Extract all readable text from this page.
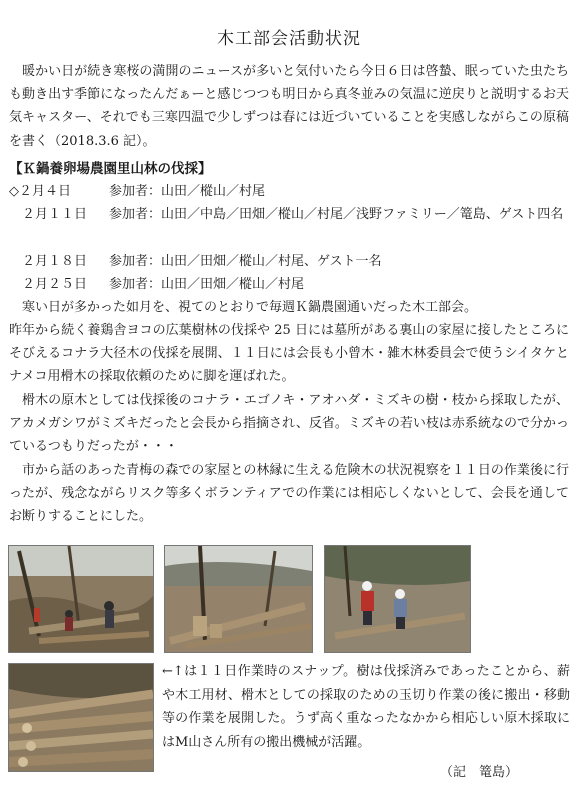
木工部会活動状況

　暖かい日が続き寒桜の満開のニュースが多いと気付いたら今日６日は啓蟄、眠っていた虫たちも動き出す季節になったんだぁーと感じつつも明日から真冬並みの気温に逆戻りと説明するお天気キャスター、それでも三寒四温で少しずつは春には近づいていることを実感しながらこの原稿を書く（2018.3.6 記）。

【Ｋ鍋養卵場農園里山林の伐採】
◇２月４日	参加者：山田／樅山／村尾
　２月１１日	参加者：山田／中島／田畑／樅山／村尾／浅野ファミリー／篭島、ゲスト四名
　２月１８日	参加者：山田／田畑／樅山／村尾、ゲスト一名
　２月２５日	参加者：山田／田畑／樅山／村尾

　寒い日が多かった如月を、視てのとおりで毎週Ｋ鍋農園通いだった木工部会。

昨年から続く養鶏舎ヨコの広葉樹林の伐採や 25 日には墓所がある裏山の家屋に接したところにそびえるコナラ大径木の伐採を展開、１１日には会長も小曾木・雑木林委員会で使うシイタケとナメコ用榾木の採取依頼のために脚を運ばれた。

　榾木の原木としては伐採後のコナラ・エゴノキ・アオハダ・ミズキの樹・枝から採取したが、アカメガシワがミズキだったと会長から指摘され、反省。ミズキの若い枝は赤系統なので分かっているつもりだったが・・・

　市から話のあった青梅の森での家屋との林縁に生える危険木の状況視察を１１日の作業後に行ったが、残念ながらリスク等多くボランティアでの作業には相応しくないとして、会長を通してお断りすることにした。

←↑は１１日作業時のスナップ。樹は伐採済みであったことから、薪や木工用材、榾木としての採取のための玉切り作業の後に搬出・移動等の作業を展開した。うず高く重なったなかから相応しい原木採取にはM山さん所有の搬出機械が活躍。

（記　篭島）
